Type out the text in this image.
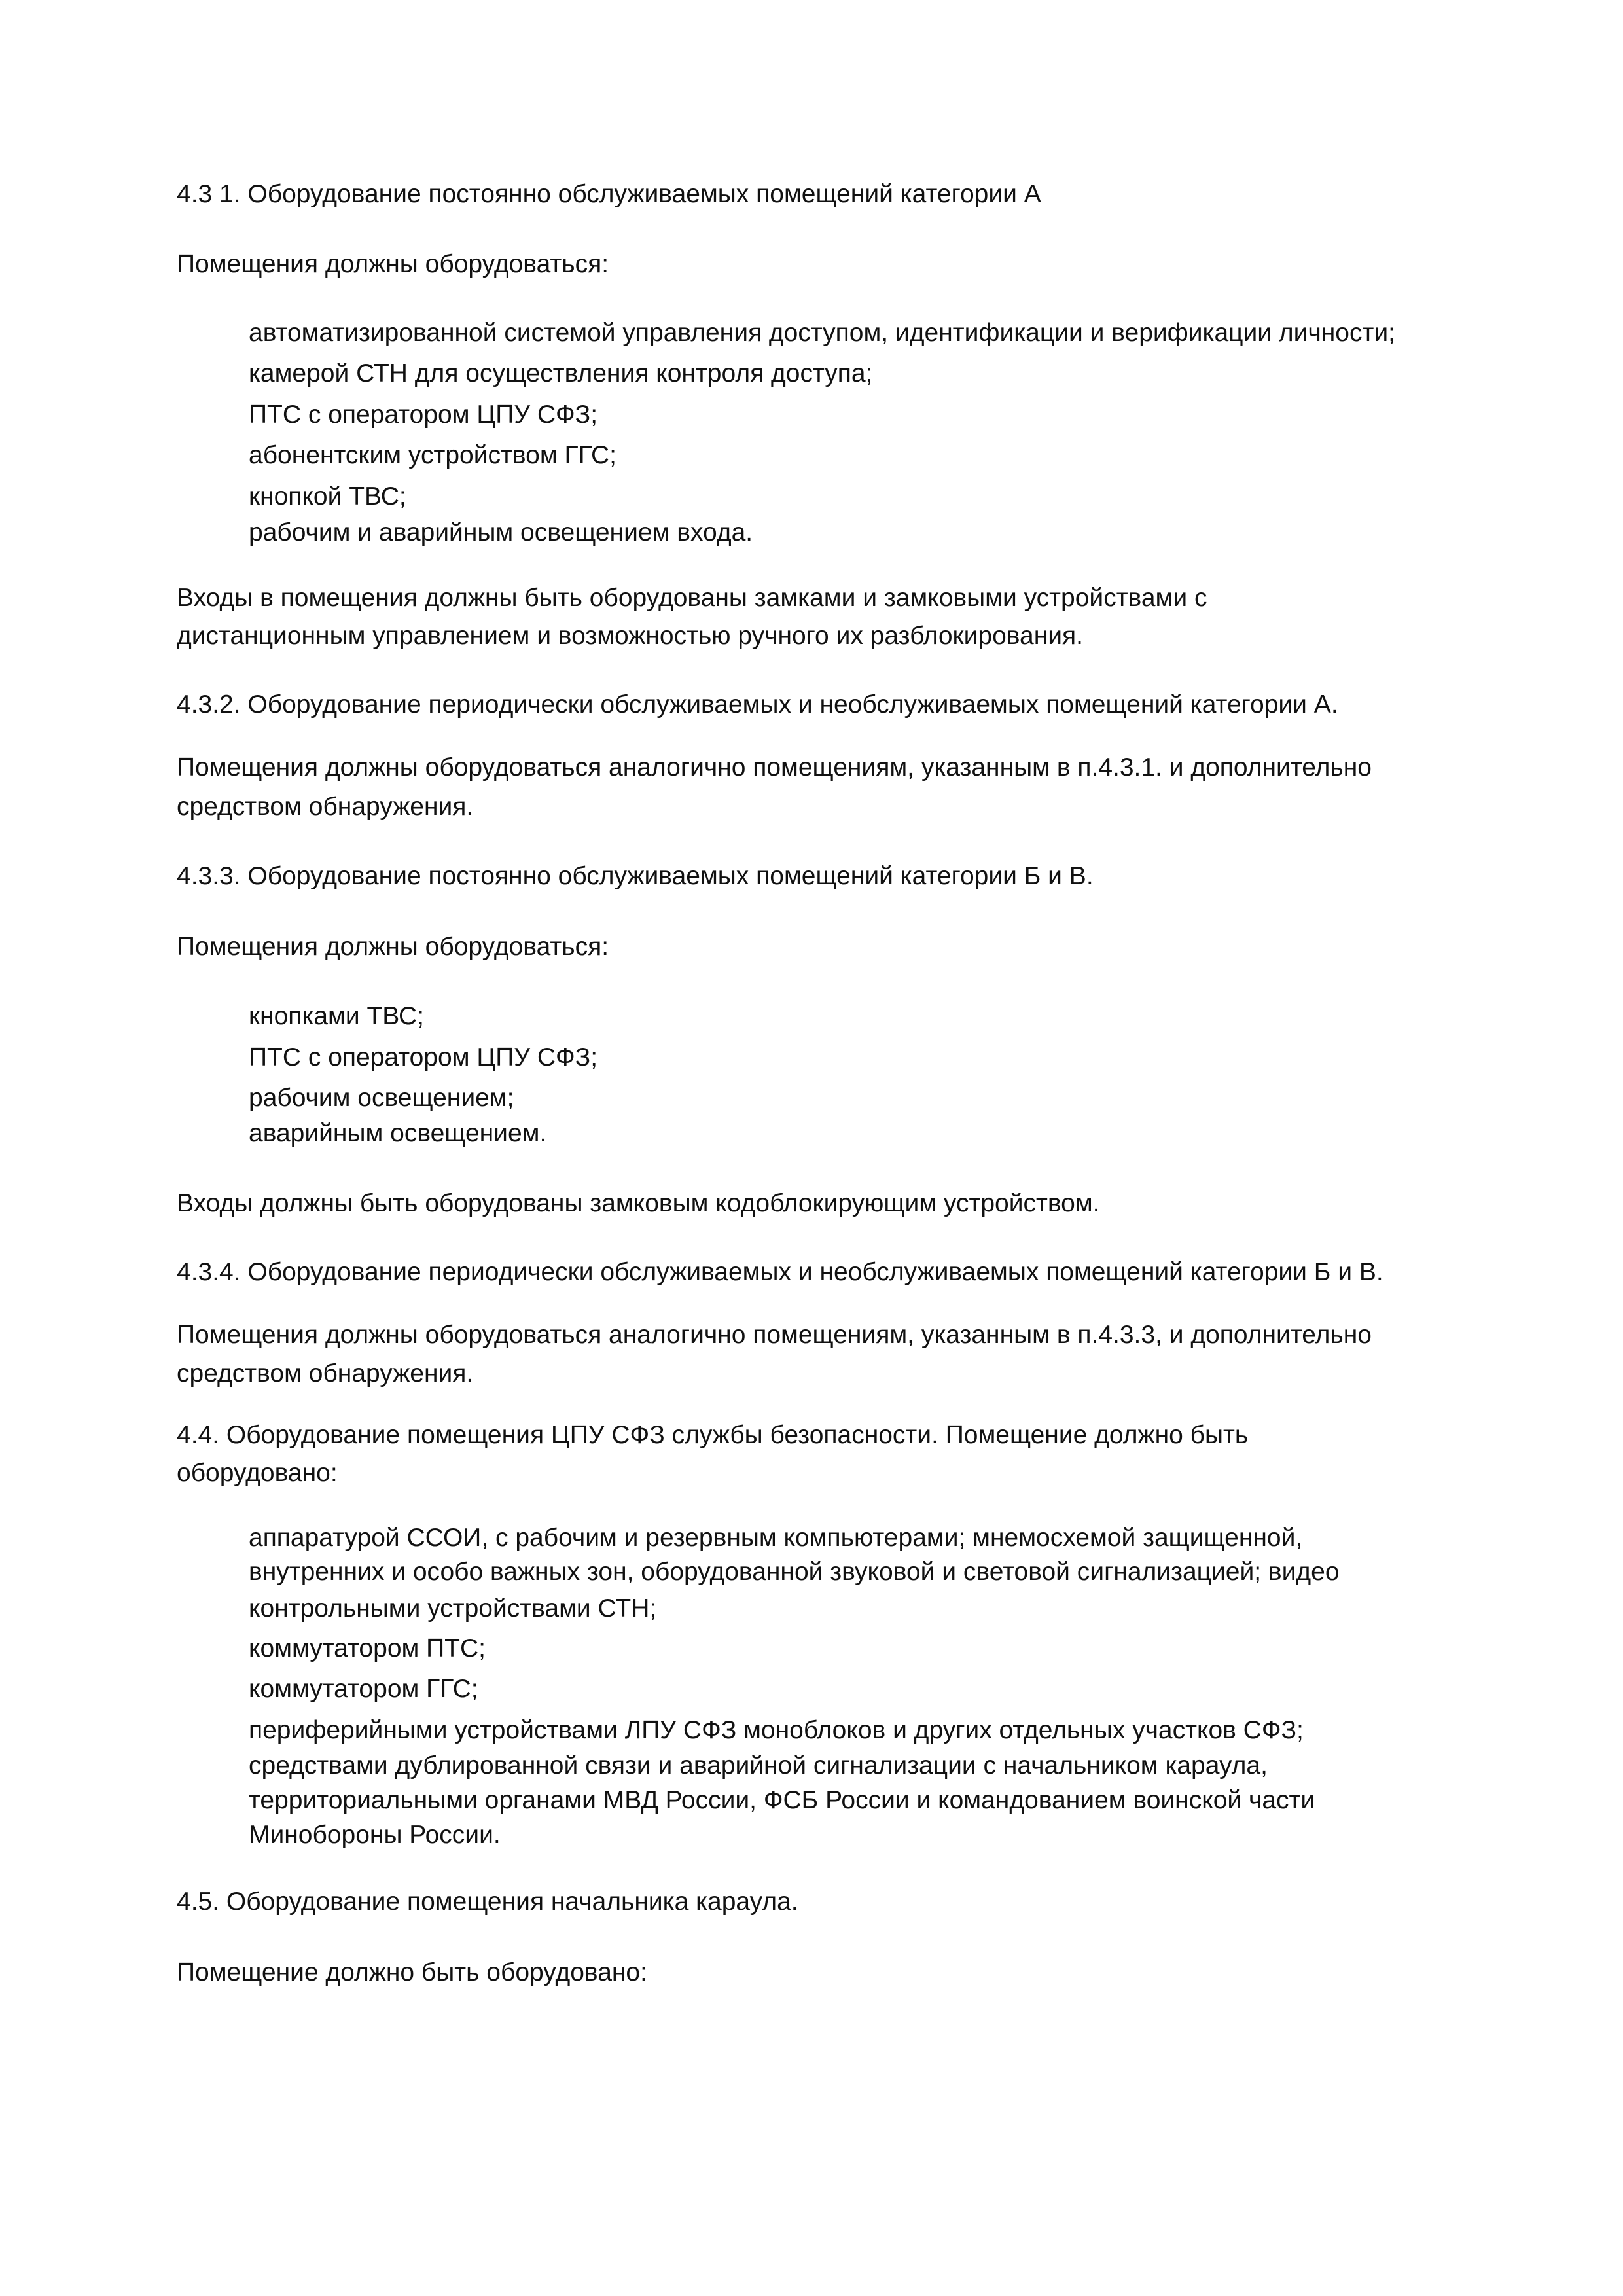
4.3 1. Оборудование постоянно обслуживаемых помещений категории А
Помещения должны оборудоваться:
автоматизированной системой управления доступом, идентификации и верификации личности;
камерой СТН для осуществления контроля доступа;
ПТС с оператором ЦПУ СФЗ;
абонентским устройством ГГС;
кнопкой ТВС;
рабочим и аварийным освещением входа.
Входы в помещения должны быть оборудованы замками и замковыми устройствами с
дистанционным управлением и возможностью ручного их разблокирования.
4.3.2. Оборудование периодически обслуживаемых и необслуживаемых помещений категории А.
Помещения должны оборудоваться аналогично помещениям, указанным в п.4.3.1. и дополнительно
средством обнаружения.
4.3.3. Оборудование постоянно обслуживаемых помещений категории Б и В.
Помещения должны оборудоваться:
кнопками ТВС;
ПТС с оператором ЦПУ СФЗ;
рабочим освещением;
аварийным освещением.
Входы должны быть оборудованы замковым кодоблокирующим устройством.
4.3.4. Оборудование периодически обслуживаемых и необслуживаемых помещений категории Б и В.
Помещения должны оборудоваться аналогично помещениям, указанным в п.4.3.3, и дополнительно
средством обнаружения.
4.4. Оборудование помещения ЦПУ СФЗ службы безопасности. Помещение должно быть
оборудовано:
аппаратурой ССОИ, с рабочим и резервным компьютерами; мнемосхемой защищенной,
внутренних и особо важных зон, оборудованной звуковой и световой сигнализацией; видео
контрольными устройствами СТН;
коммутатором ПТС;
коммутатором ГГС;
периферийными устройствами ЛПУ СФЗ моноблоков и других отдельных участков СФЗ;
средствами дублированной связи и аварийной сигнализации с начальником караула,
территориальными органами МВД России, ФСБ России и командованием воинской части
Минобороны России.
4.5. Оборудование помещения начальника караула.
Помещение должно быть оборудовано:
